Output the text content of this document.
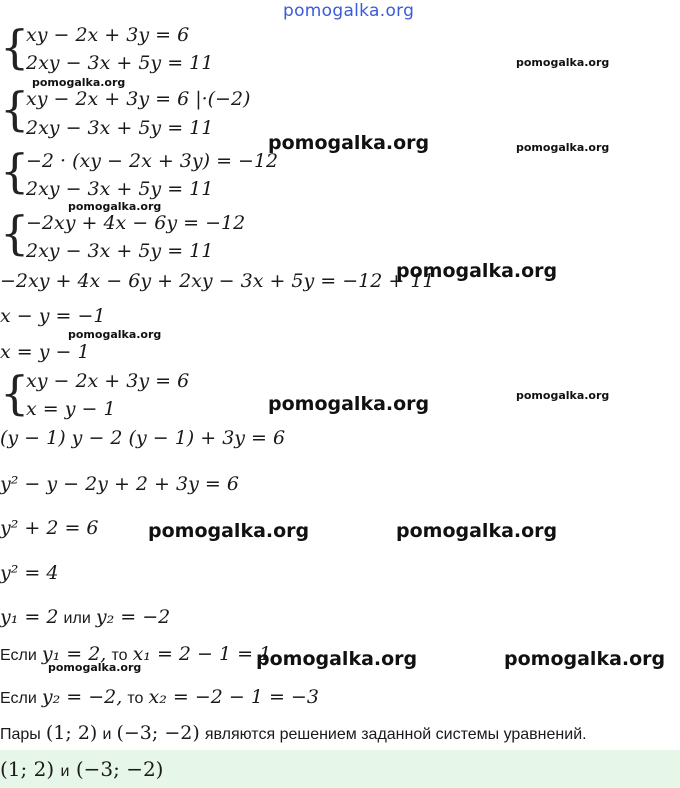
pomogalka.org
{
xy − 2x + 3y = 6
2xy − 3x + 5y = 11
{
xy − 2x + 3y = 6 |·(−2)
2xy − 3x + 5y = 11
{
−2 · (xy − 2x + 3y) = −12
2xy − 3x + 5y = 11
{
−2xy + 4x − 6y = −12
2xy − 3x + 5y = 11
−2xy + 4x − 6y + 2xy − 3x + 5y = −12 + 11
x − y = −1
x = y − 1
{
xy − 2x + 3y = 6
x = y − 1
(y − 1) y − 2 (y − 1) + 3y = 6
y² − y − 2y + 2 + 3y = 6
y² + 2 = 6
y² = 4
y₁ = 2 или y₂ = −2
Если y₁ = 2, то x₁ = 2 − 1 = 1
Если y₂ = −2, то x₂ = −2 − 1 = −3
Пары (1; 2) и (−3; −2) являются решением заданной системы уравнений.
(1; 2) и (−3; −2)
pomogalka.org
pomogalka.org
pomogalka.org	pomogalka.org
pomogalka.org
pomogalka.org
pomogalka.org
pomogalka.org	pomogalka.org
pomogalka.org	pomogalka.org
pomogalka.org	pomogalka.org
pomogalka.org
